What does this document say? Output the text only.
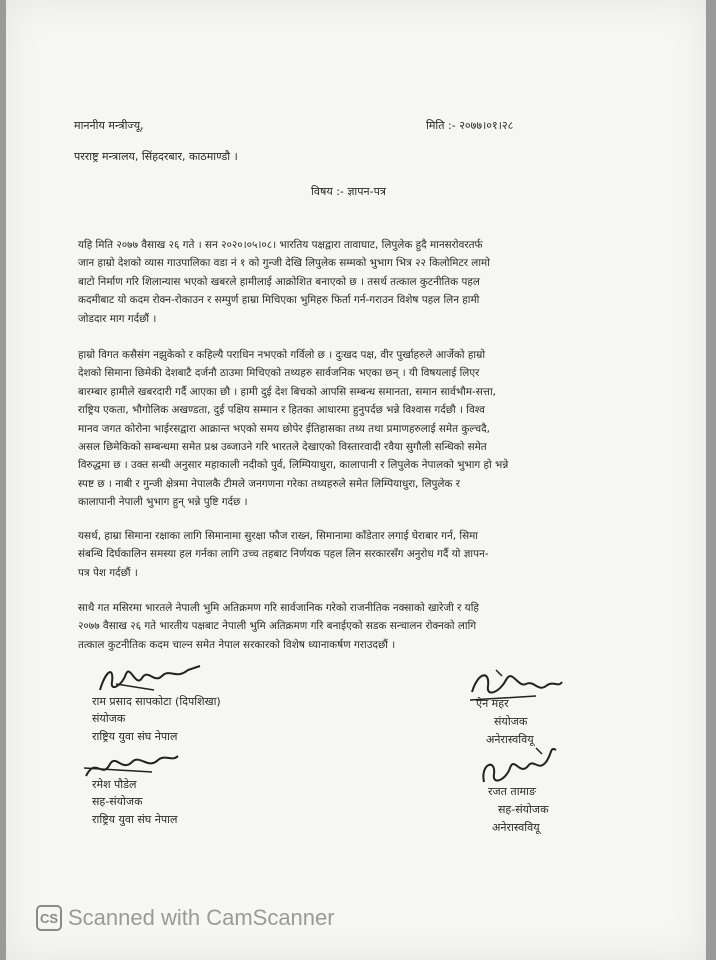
माननीय मन्त्रीज्यू,	मिति :- २०७७।०१।२८
परराष्ट्र मन्त्रालय, सिंहदरबार, काठमाण्डौ ।
विषय :- ज्ञापन-पत्र
यहि मिति २०७७ वैसाख २६ गते । सन २०२०।०५।०८। भारतिय पक्षद्वारा तावाघाट, लिपुलेक हुदै मानसरोवरतर्फ
जान हाम्रो देशको व्यास गाउपालिका वडा नं १ को गुन्जी देखि लिपुलेक सम्मको भुभाग भित्र २२ किलोमिटर लामो
बाटो निर्माण गरि शिलान्यास भएको खबरले हामीलाई आक्रोशित बनाएको छ । तसर्थ तत्काल कुटनीतिक पहल
कदमीबाट यो कदम रोक्न-रोकाउन र सम्पुर्ण हाम्रा मिचिएका भुमिहरु फिर्ता गर्न-गराउन विशेष पहल लिन हामी
जोडदार माग गर्दछौं ।
हाम्रो विगत कसैसंग नझुकेको र कहिल्यै पराधिन नभएको गर्विलो छ । दुःखद पक्ष, वीर पुर्खाहरुले आर्जेको हाम्रो
देशको सिमाना छिमेकी देशबाटै दर्जनौ ठाउमा मिचिएको तथ्यहरु सार्वजनिक भएका छन् । यी विषयलाई लिएर
बारम्बार हामीले खबरदारी गर्दै आएका छौ । हामी दुई देश बिचको आपसि सम्बन्ध समानता, समान सार्वभौम-सत्ता,
राष्ट्रिय एकता, भौगोलिक अखण्डता, दुई पक्षिय सम्मान र हितका आधारमा हुनुपर्दछ भन्ने विश्वास गर्दछौ । विश्व
मानव जगत कोरोना भाईरसद्वारा आक्रान्त भएको समय छोपेर ईतिहासका तथ्य तथा प्रमाणहरुलाई समेत कुल्चदै,
असल छिमेकिको सम्बन्धमा समेत प्रश्न उब्जाउने गरि भारतले देखाएको विस्तारवादी रवैया सुगौली सन्धिको समेत
विरुद्धमा छ । उक्त सन्धी अनुसार महाकाली नदीको पुर्व, लिम्पियाधुरा, कालापानी र लिपुलेक नेपालको भुभाग हो भन्ने
स्पष्ट छ । नाबी र गुन्जी क्षेत्रमा नेपालकै टीमले जनगणना गरेका तथ्यहरुले समेत लिम्पियाधुरा, लिपुलेक र
कालापानी नेपाली भुभाग हुन् भन्ने पुष्टि गर्दछ ।
यसर्थ, हाम्रा सिमाना रक्षाका लागि सिमानामा सुरक्षा फौज राख्न, सिमानामा काँडेतार लगाई घेराबार गर्न, सिमा
संबन्धि दिर्घकालिन समस्या हल गर्नका लागि उच्च तहबाट निर्णयक पहल लिन सरकारसँग अनुरोध गर्दै यो ज्ञापन-
पत्र पेश गर्दछौं ।
साथै गत मसिरमा भारतले नेपाली भुमि अतिक्रमण गरि सार्वजानिक गरेको राजनीतिक नक्साको खारेजी र यहि
२०७७ वैसाख २६ गते भारतीय पक्षबाट नेपाली भुमि अतिक्रमण गरि बनाईएको सडक सन्चालन रोक्नको लागि
तत्काल कुटनीतिक कदम चाल्न समेत नेपाल सरकारको विशेष ध्यानाकर्षण गराउदछौं ।
राम प्रसाद सापकोटा (दिपशिखा)
संयोजक
राष्ट्रिय युवा संघ नेपाल
रमेश पौडेल
सह-संयोजक
राष्ट्रिय युवा संघ नेपाल
ऐन महर
संयोजक
अनेरास्ववियू
रजत तामाङ
सह-संयोजक
अनेरास्ववियू
CS Scanned with CamScanner
